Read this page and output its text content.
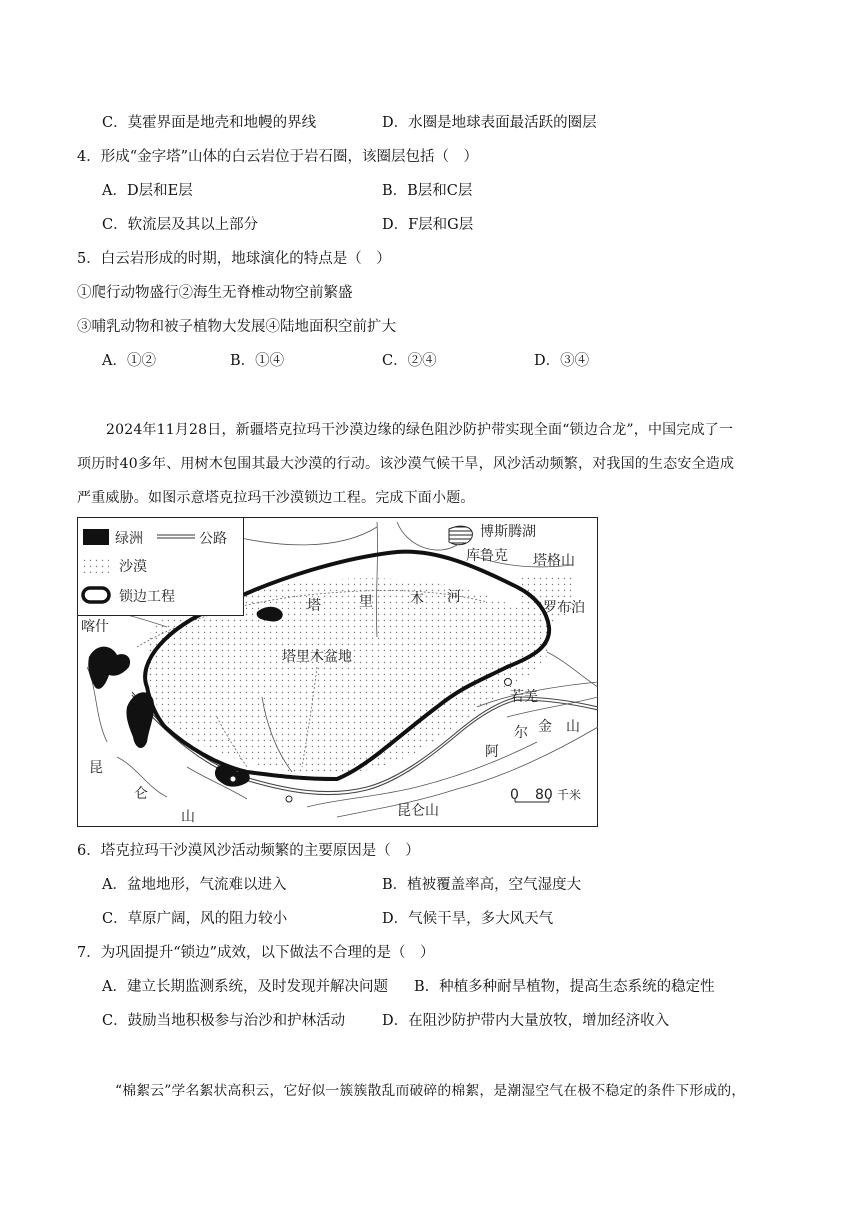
C．莫霍界面是地壳和地幔的界线	D．水圈是地球表面最活跃的圈层
4．形成“金字塔”山体的白云岩位于岩石圈，该圈层包括（　）
A．D层和E层	B．B层和C层
C．软流层及其以上部分	D．F层和G层
5．白云岩形成的时期，地球演化的特点是（　）
①爬行动物盛行②海生无脊椎动物空前繁盛
③哺乳动物和被子植物大发展④陆地面积空前扩大
A．①②	B．①④	C．②④	D．③④
2024年11月28日，新疆塔克拉玛干沙漠边缘的绿色阻沙防护带实现全面“锁边合龙”，中国完成了一
项历时40多年、用树木包围其最大沙漠的行动。该沙漠气候干旱，风沙活动频繁，对我国的生态安全造成
严重威胁。如图示意塔克拉玛干沙漠锁边工程。完成下面小题。
绿洲	公路
沙漠
锁边工程
博斯腾湖
库鲁克 塔格山
喀什
塔	里	木 河
罗布泊
塔里木盆地
若羌
金 山
尔
阿
昆
仑
山	昆仑山
0 80 千米
6．塔克拉玛干沙漠风沙活动频繁的主要原因是（　）
A．盆地地形，气流难以进入	B．植被覆盖率高，空气湿度大
C．草原广阔，风的阻力较小	D．气候干旱，多大风天气
7．为巩固提升“锁边”成效，以下做法不合理的是（　）
A．建立长期监测系统，及时发现并解决问题 B．种植多种耐旱植物，提高生态系统的稳定性
C．鼓励当地积极参与治沙和护林活动	D．在阻沙防护带内大量放牧，增加经济收入
“棉絮云”学名絮状高积云，它好似一簇簇散乱而破碎的棉絮，是潮湿空气在极不稳定的条件下形成的，
